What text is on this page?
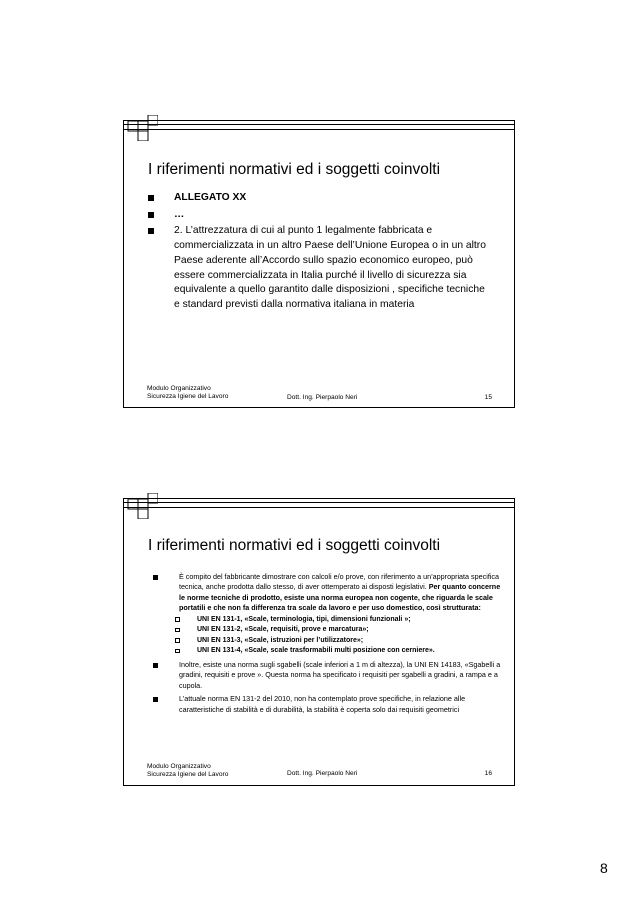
I riferimenti normativi ed i soggetti coinvolti
ALLEGATO XX
…
2. L’attrezzatura di cui al punto 1 legalmente fabbricata e commercializzata in un altro Paese dell’Unione Europea o in un altro Paese aderente all’Accordo sullo spazio economico europeo, può essere commercializzata in Italia purché il livello di sicurezza sia equivalente a quello garantito dalle disposizioni , specifiche tecniche e standard previsti dalla normativa italiana in materia
Modulo Organizzativo
Sicurezza Igiene del Lavoro	Dott. Ing. Pierpaolo Neri	15
I riferimenti normativi ed i soggetti coinvolti
È compito del fabbricante dimostrare con calcoli e/o prove, con riferimento a un’appropriata specifica tecnica, anche prodotta dallo stesso, di aver ottemperato ai disposti legislativi. Per quanto concerne le norme tecniche di prodotto, esiste una norma europea non cogente, che riguarda le scale portatili e che non fa differenza tra scale da lavoro e per uso domestico, così strutturata:
UNI EN 131-1, «Scale, terminologia, tipi, dimensioni funzionali »;
UNI EN 131-2, «Scale, requisiti, prove e marcatura»;
UNI EN 131-3, «Scale, istruzioni per l’utilizzatore»;
UNI EN 131-4, «Scale, scale trasformabili multi posizione con cerniere».
Inoltre, esiste una norma sugli sgabelli (scale inferiori a 1 m di altezza), la UNI EN 14183, «Sgabelli a gradini, requisiti e prove ». Questa norma ha specificato i requisiti per sgabelli a gradini, a rampa e a cupola.
L’attuale norma EN 131-2 del 2010, non ha contemplato prove specifiche, in relazione alle caratteristiche di stabilità e di durabilità, la stabilità è coperta solo dai requisiti geometrici
Modulo Organizzativo
Sicurezza Igiene del Lavoro	Dott. Ing. Pierpaolo Neri	16
8
